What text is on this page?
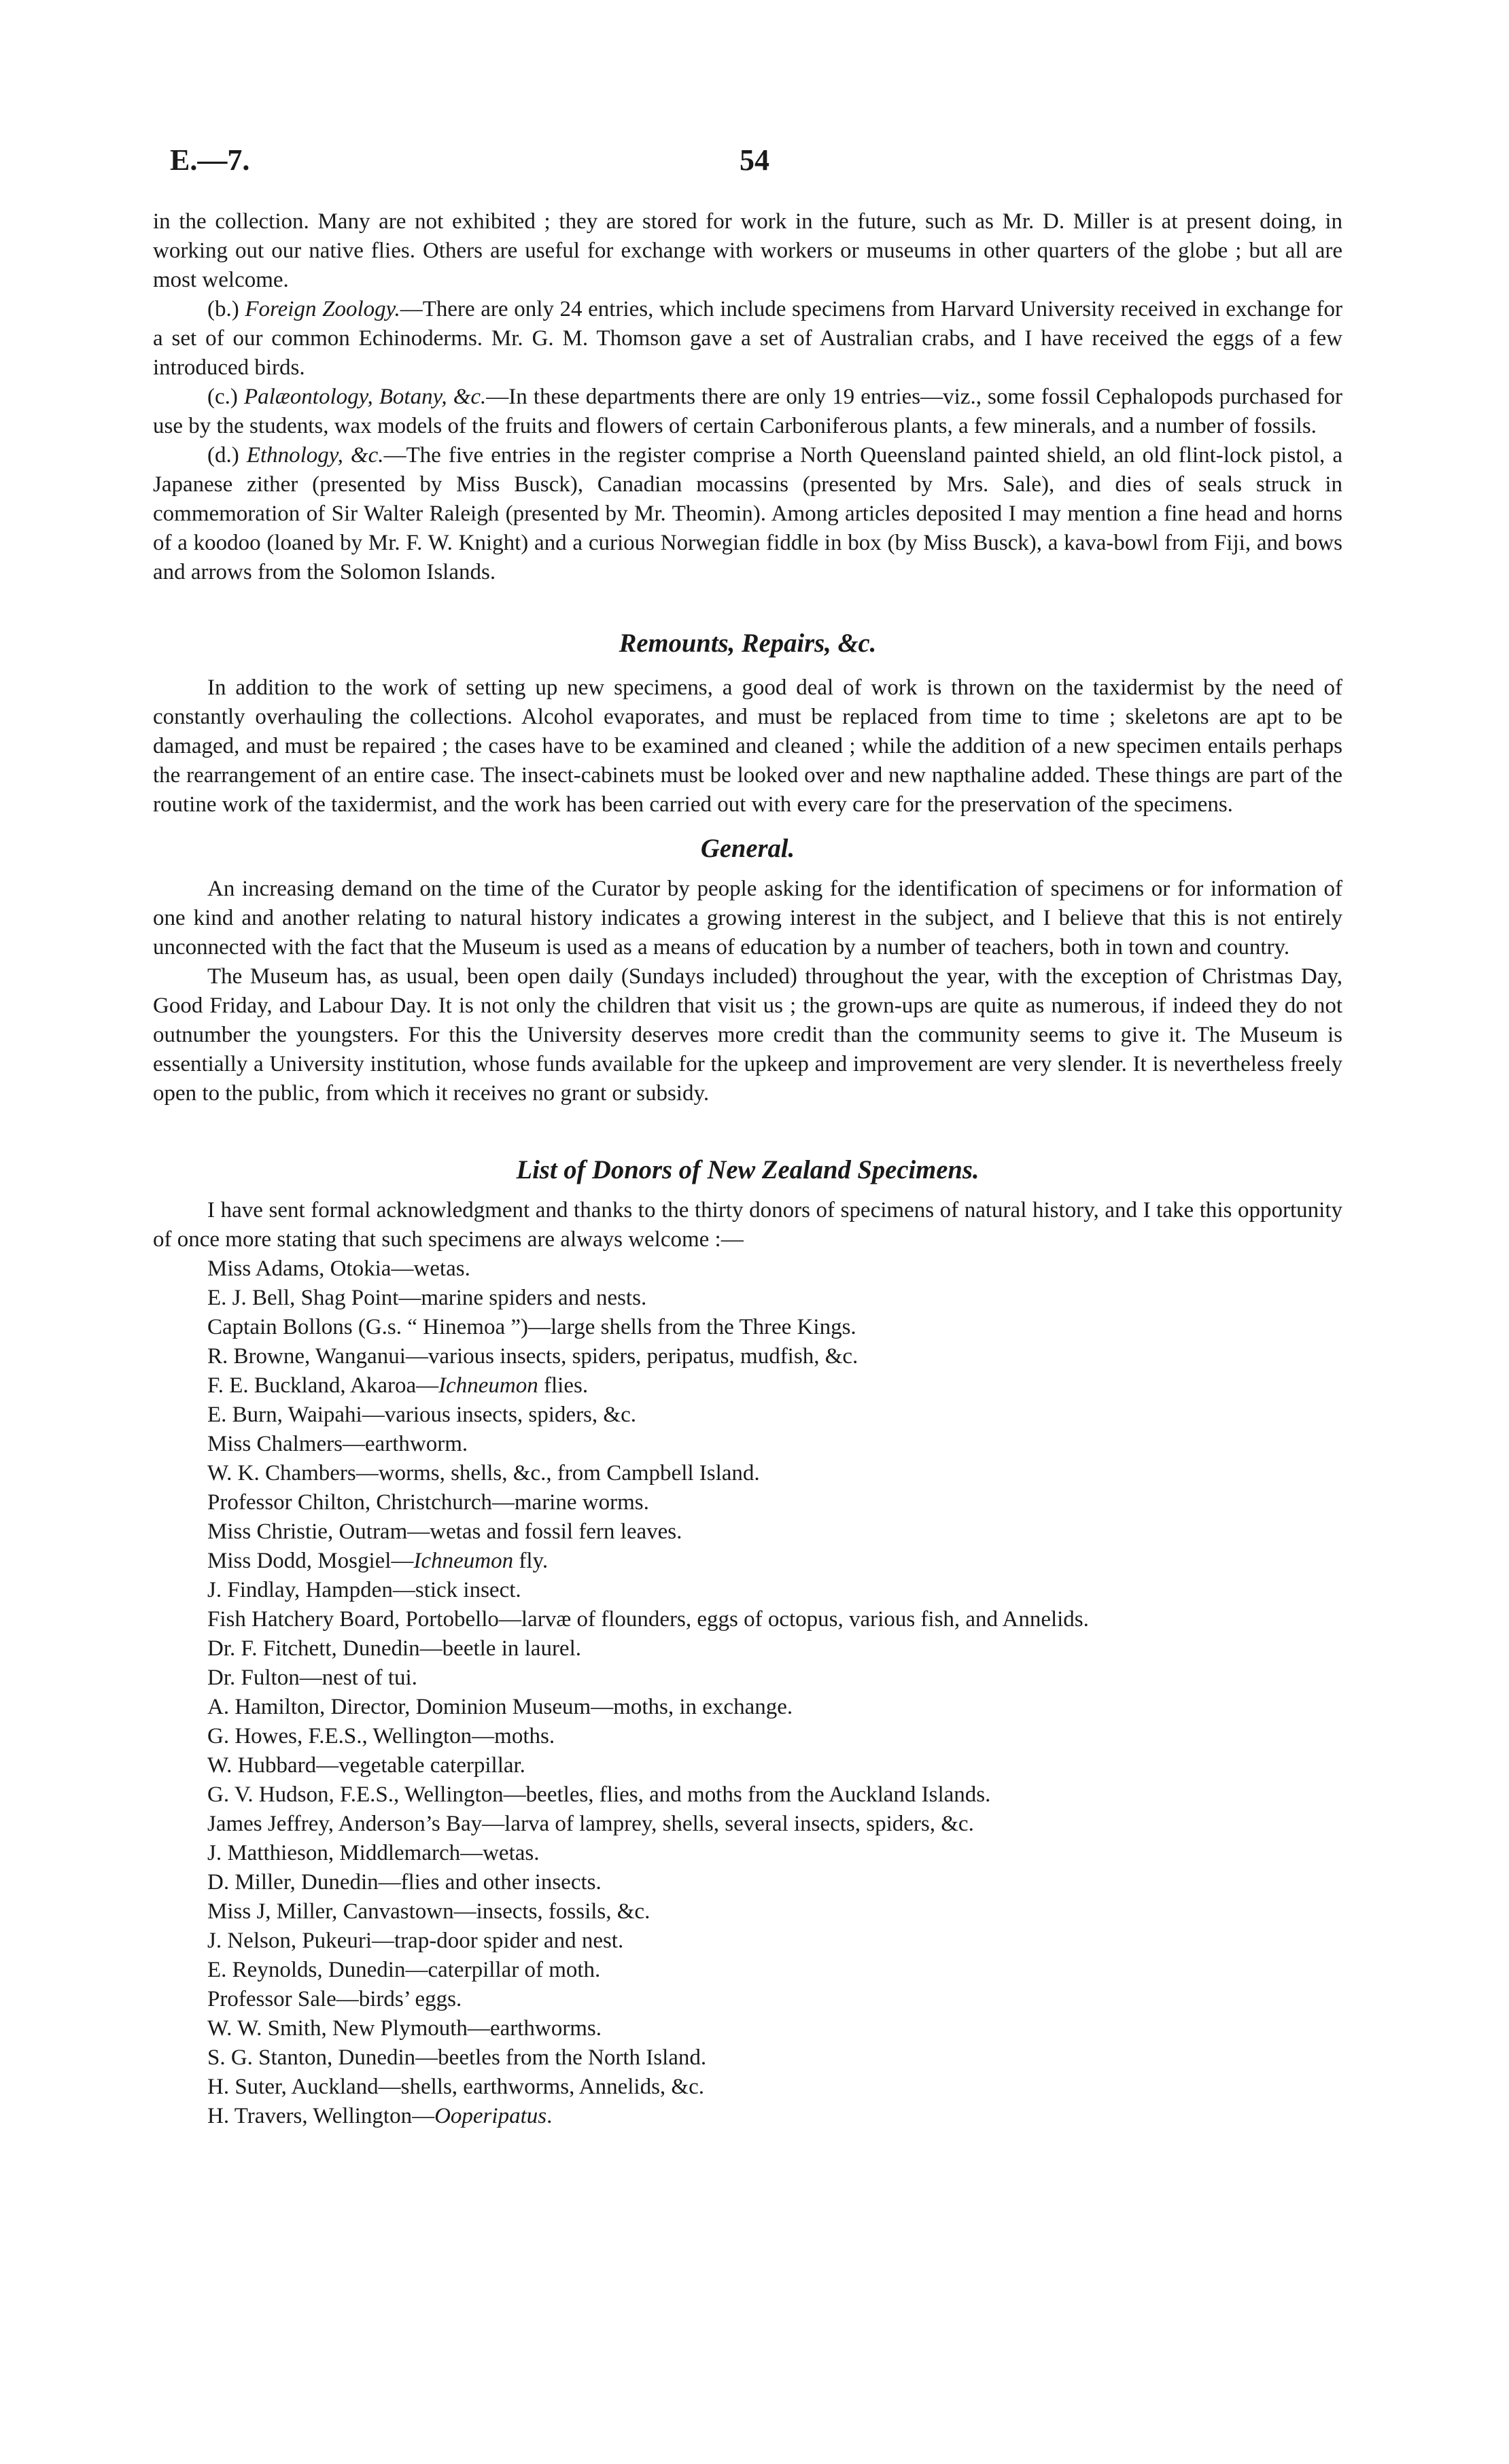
E.—7.	54

in the collection. Many are not exhibited ; they are stored for work in the future, such as Mr. D. Miller is at present doing, in working out our native flies. Others are useful for exchange with workers or museums in other quarters of the globe ; but all are most welcome.

(b.) Foreign Zoology.—There are only 24 entries, which include specimens from Harvard University received in exchange for a set of our common Echinoderms. Mr. G. M. Thomson gave a set of Australian crabs, and I have received the eggs of a few introduced birds.

(c.) Palæontology, Botany, &c.—In these departments there are only 19 entries—viz., some fossil Cephalopods purchased for use by the students, wax models of the fruits and flowers of certain Carboniferous plants, a few minerals, and a number of fossils.

(d.) Ethnology, &c.—The five entries in the register comprise a North Queensland painted shield, an old flint-lock pistol, a Japanese zither (presented by Miss Busck), Canadian mocassins (presented by Mrs. Sale), and dies of seals struck in commemoration of Sir Walter Raleigh (presented by Mr. Theomin). Among articles deposited I may mention a fine head and horns of a koodoo (loaned by Mr. F. W. Knight) and a curious Norwegian fiddle in box (by Miss Busck), a kava-bowl from Fiji, and bows and arrows from the Solomon Islands.

Remounts, Repairs, &c.

In addition to the work of setting up new specimens, a good deal of work is thrown on the taxidermist by the need of constantly overhauling the collections. Alcohol evaporates, and must be replaced from time to time ; skeletons are apt to be damaged, and must be repaired ; the cases have to be examined and cleaned ; while the addition of a new specimen entails perhaps the rearrangement of an entire case. The insect-cabinets must be looked over and new napthaline added. These things are part of the routine work of the taxidermist, and the work has been carried out with every care for the preservation of the specimens.

General.

An increasing demand on the time of the Curator by people asking for the identification of specimens or for information of one kind and another relating to natural history indicates a growing interest in the subject, and I believe that this is not entirely unconnected with the fact that the Museum is used as a means of education by a number of teachers, both in town and country.

The Museum has, as usual, been open daily (Sundays included) throughout the year, with the exception of Christmas Day, Good Friday, and Labour Day. It is not only the children that visit us ; the grown-ups are quite as numerous, if indeed they do not outnumber the youngsters. For this the University deserves more credit than the community seems to give it. The Museum is essentially a University institution, whose funds available for the upkeep and improvement are very slender. It is nevertheless freely open to the public, from which it receives no grant or subsidy.

List of Donors of New Zealand Specimens.

I have sent formal acknowledgment and thanks to the thirty donors of specimens of natural history, and I take this opportunity of once more stating that such specimens are always welcome :—

Miss Adams, Otokia—wetas.
E. J. Bell, Shag Point—marine spiders and nests.
Captain Bollons (G.s. “ Hinemoa ”)—large shells from the Three Kings.
R. Browne, Wanganui—various insects, spiders, peripatus, mudfish, &c.
F. E. Buckland, Akaroa—Ichneumon flies.
E. Burn, Waipahi—various insects, spiders, &c.
Miss Chalmers—earthworm.
W. K. Chambers—worms, shells, &c., from Campbell Island.
Professor Chilton, Christchurch—marine worms.
Miss Christie, Outram—wetas and fossil fern leaves.
Miss Dodd, Mosgiel—Ichneumon fly.
J. Findlay, Hampden—stick insect.
Fish Hatchery Board, Portobello—larvæ of flounders, eggs of octopus, various fish, and Annelids.
Dr. F. Fitchett, Dunedin—beetle in laurel.
Dr. Fulton—nest of tui.
A. Hamilton, Director, Dominion Museum—moths, in exchange.
G. Howes, F.E.S., Wellington—moths.
W. Hubbard—vegetable caterpillar.
G. V. Hudson, F.E.S., Wellington—beetles, flies, and moths from the Auckland Islands.
James Jeffrey, Anderson’s Bay—larva of lamprey, shells, several insects, spiders, &c.
J. Matthieson, Middlemarch—wetas.
D. Miller, Dunedin—flies and other insects.
Miss J, Miller, Canvastown—insects, fossils, &c.
J. Nelson, Pukeuri—trap-door spider and nest.
E. Reynolds, Dunedin—caterpillar of moth.
Professor Sale—birds’ eggs.
W. W. Smith, New Plymouth—earthworms.
S. G. Stanton, Dunedin—beetles from the North Island.
H. Suter, Auckland—shells, earthworms, Annelids, &c.
H. Travers, Wellington—Ooperipatus.
